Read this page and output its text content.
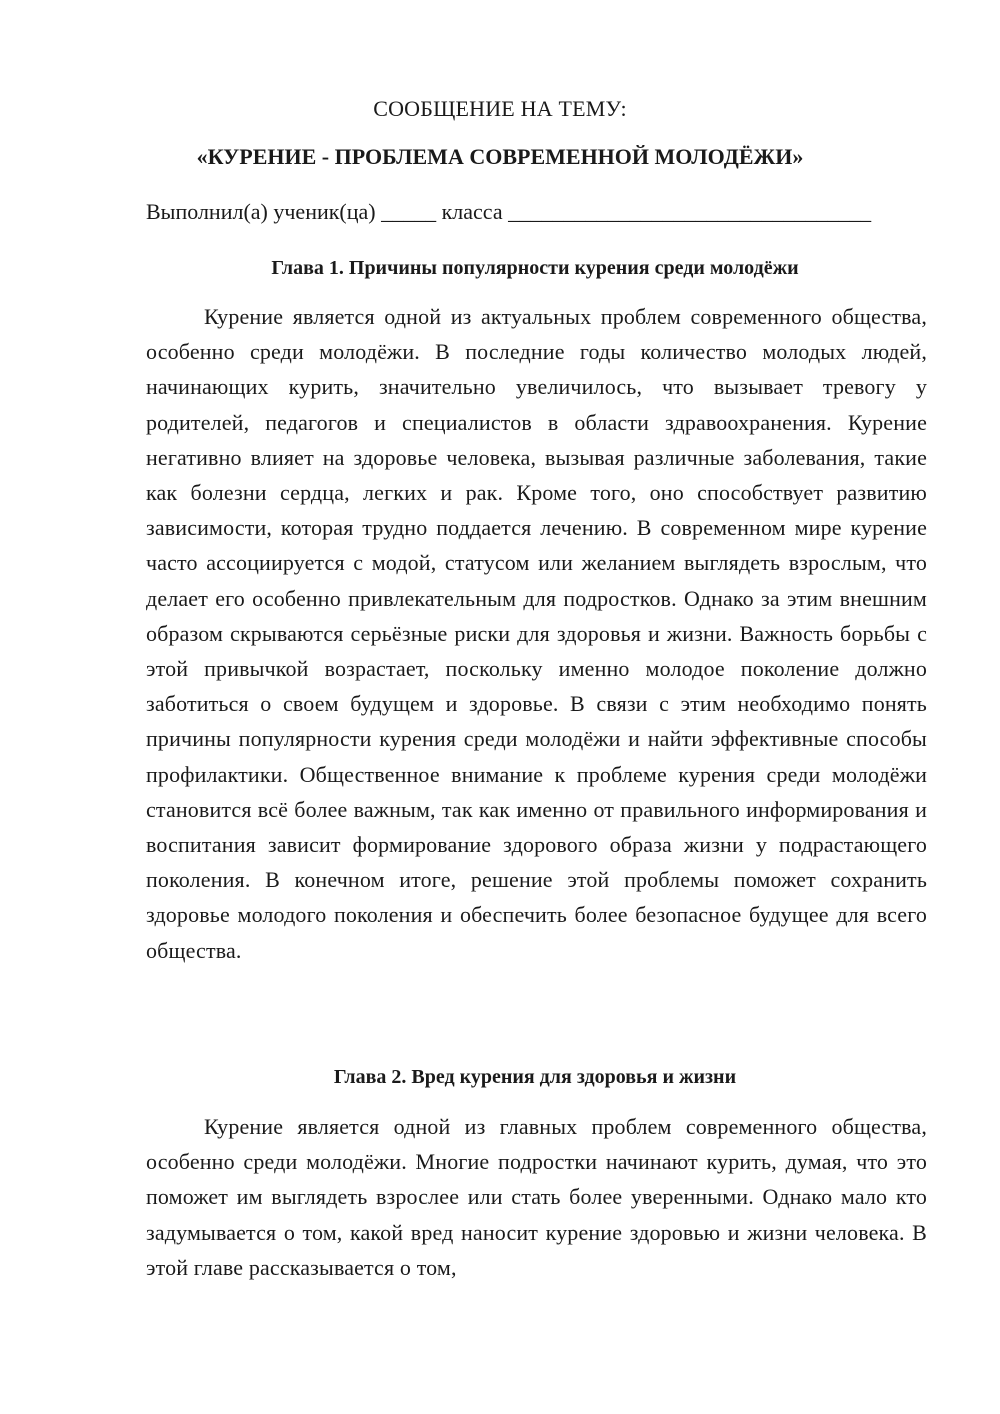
СООБЩЕНИЕ НА ТЕМУ:
«КУРЕНИЕ - ПРОБЛЕМА СОВРЕМЕННОЙ МОЛОДЁЖИ»
Выполнил(а) ученик(ца) _____ класса _________________________________
Глава 1. Причины популярности курения среди молодёжи

Курение является одной из актуальных проблем современного общества, особенно среди молодёжи. В последние годы количество молодых людей, начинающих курить, значительно увеличилось, что вызывает тревогу у родителей, педагогов и специалистов в области здравоохранения. Курение негативно влияет на здоровье человека, вызывая различные заболевания, такие как болезни сердца, легких и рак. Кроме того, оно способствует развитию зависимости, которая трудно поддается лечению. В современном мире курение часто ассоциируется с модой, статусом или желанием выглядеть взрослым, что делает его особенно привлекательным для подростков. Однако за этим внешним образом скрываются серьёзные риски для здоровья и жизни. Важность борьбы с этой привычкой возрастает, поскольку именно молодое поколение должно заботиться о своем будущем и здоровье. В связи с этим необходимо понять причины популярности курения среди молодёжи и найти эффективные способы профилактики. Общественное внимание к проблеме курения среди молодёжи становится всё более важным, так как именно от правильного информирования и воспитания зависит формирование здорового образа жизни у подрастающего поколения. В конечном итоге, решение этой проблемы поможет сохранить здоровье молодого поколения и обеспечить более безопасное будущее для всего общества.

Глава 2. Вред курения для здоровья и жизни

Курение является одной из главных проблем современного общества, особенно среди молодёжи. Многие подростки начинают курить, думая, что это поможет им выглядеть взрослее или стать более уверенными. Однако мало кто задумывается о том, какой вред наносит курение здоровью и жизни человека. В этой главе рассказывается о том,
